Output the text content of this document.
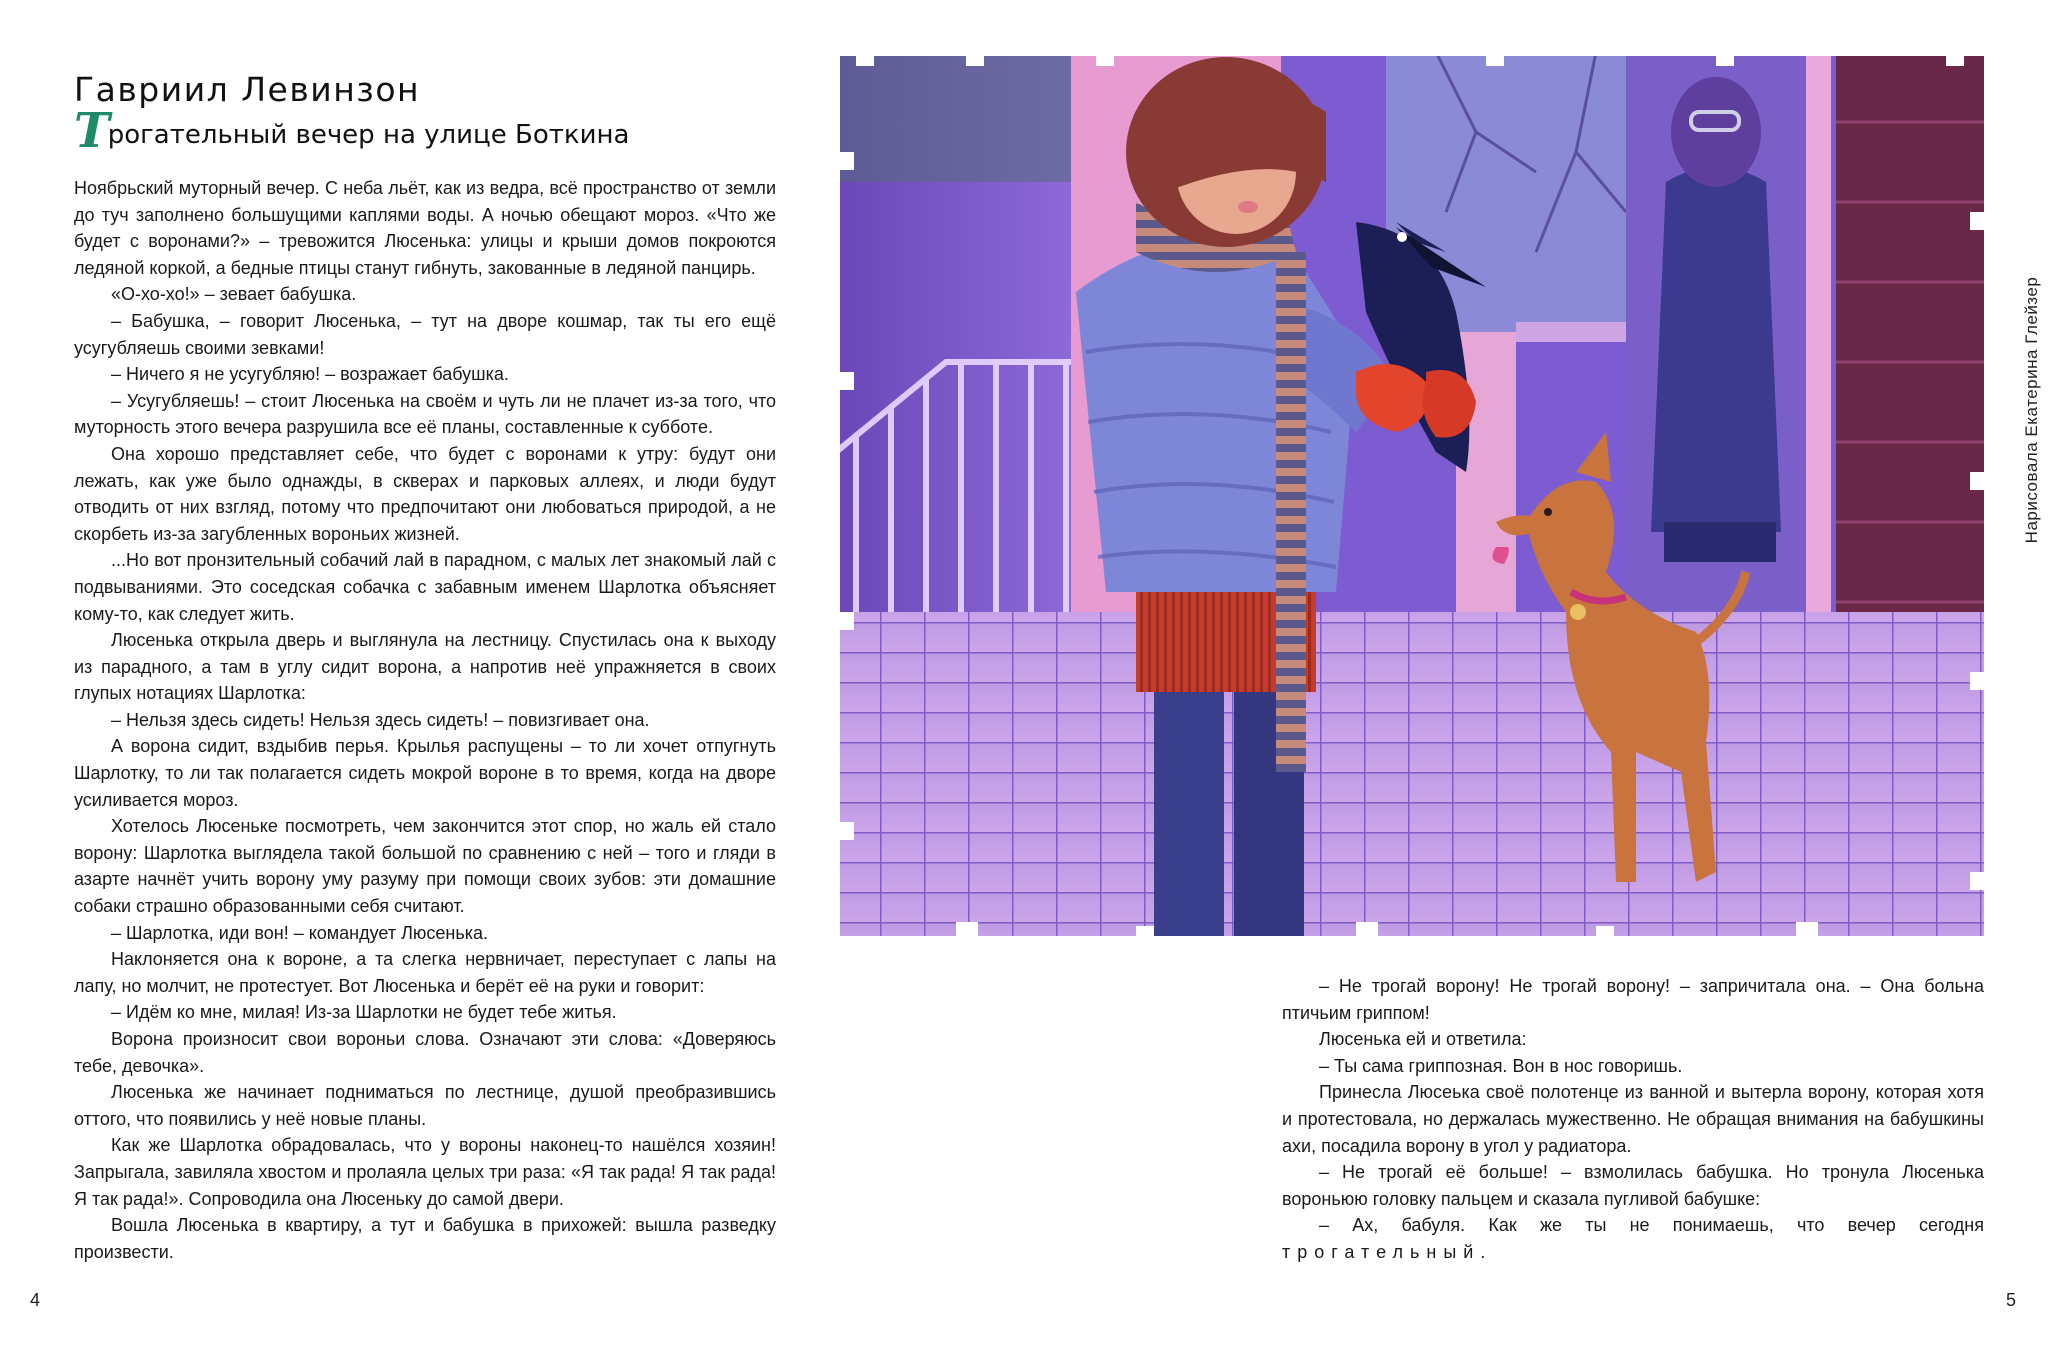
Гавриил Левинзон
Трогательный вечер на улице Боткина

Ноябрьский муторный вечер. С неба льёт, как из ведра, всё пространство от земли до туч заполнено большущими каплями воды. А ночью обещают мороз. «Что же будет с воронами?» – тревожится Люсенька: улицы и крыши домов покроются ледяной коркой, а бедные птицы станут гибнуть, закованные в ледяной панцирь.

«О-хо-хо!» – зевает бабушка.

– Бабушка, – говорит Люсенька, – тут на дворе кошмар, так ты его ещё усугубляешь своими зевками!

– Ничего я не усугубляю! – возражает бабушка.

– Усугубляешь! – стоит Люсенька на своём и чуть ли не плачет из-за того, что муторность этого вечера разрушила все её планы, составленные к субботе.

Она хорошо представляет себе, что будет с воронами к утру: будут они лежать, как уже было однажды, в скверах и парковых аллеях, и люди будут отводить от них взгляд, потому что предпочитают они любоваться природой, а не скорбеть из-за загубленных вороньих жизней.

...Но вот пронзительный собачий лай в парадном, с малых лет знакомый лай с подвываниями. Это соседская собачка с забавным именем Шарлотка объясняет кому-то, как следует жить.

Люсенька открыла дверь и выглянула на лестницу. Спустилась она к выходу из парадного, а там в углу сидит ворона, а напротив неё упражняется в своих глупых нотациях Шарлотка:

– Нельзя здесь сидеть! Нельзя здесь сидеть! – повизгивает она.

А ворона сидит, вздыбив перья. Крылья распущены – то ли хочет отпугнуть Шарлотку, то ли так полагается сидеть мокрой вороне в то время, когда на дворе усиливается мороз.

Хотелось Люсеньке посмотреть, чем закончится этот спор, но жаль ей стало ворону: Шарлотка выглядела такой большой по сравнению с ней – того и гляди в азарте начнёт учить ворону уму разуму при помощи своих зубов: эти домашние собаки страшно образованными себя считают.

– Шарлотка, иди вон! – командует Люсенька.

Наклоняется она к вороне, а та слегка нервничает, переступает с лапы на лапу, но молчит, не протестует. Вот Люсенька и берёт её на руки и говорит:

– Идём ко мне, милая! Из-за Шарлотки не будет тебе житья.

Ворона произносит свои вороньи слова. Означают эти слова: «Доверяюсь тебе, девочка».

Люсенька же начинает подниматься по лестнице, душой преобразившись оттого, что появились у неё новые планы.

Как же Шарлотка обрадовалась, что у вороны наконец-то нашёлся хозяин! Запрыгала, завиляла хвостом и пролаяла целых три раза: «Я так рада! Я так рада! Я так рада!». Сопроводила она Люсеньку до самой двери.

Вошла Люсенька в квартиру, а тут и бабушка в прихожей: вышла разведку произвести.

4
Нарисовала Екатерина Глейзер

– Не трогай ворону! Не трогай ворону! – запричитала она. – Она больна птичьим гриппом!

Люсенька ей и ответила:

– Ты сама гриппозная. Вон в нос говоришь.

Принесла Люсеька своё полотенце из ванной и вытерла ворону, которая хотя и протестовала, но держалась мужественно. Не обращая внимания на бабушкины ахи, посадила ворону в угол у радиатора.

– Не трогай её больше! – взмолилась бабушка. Но тронула Люсенька вороньюю головку пальцем и сказала пугливой бабушке:

– Ах, бабуля. Как же ты не понимаешь, что вечер сегодня трогательный.

5
